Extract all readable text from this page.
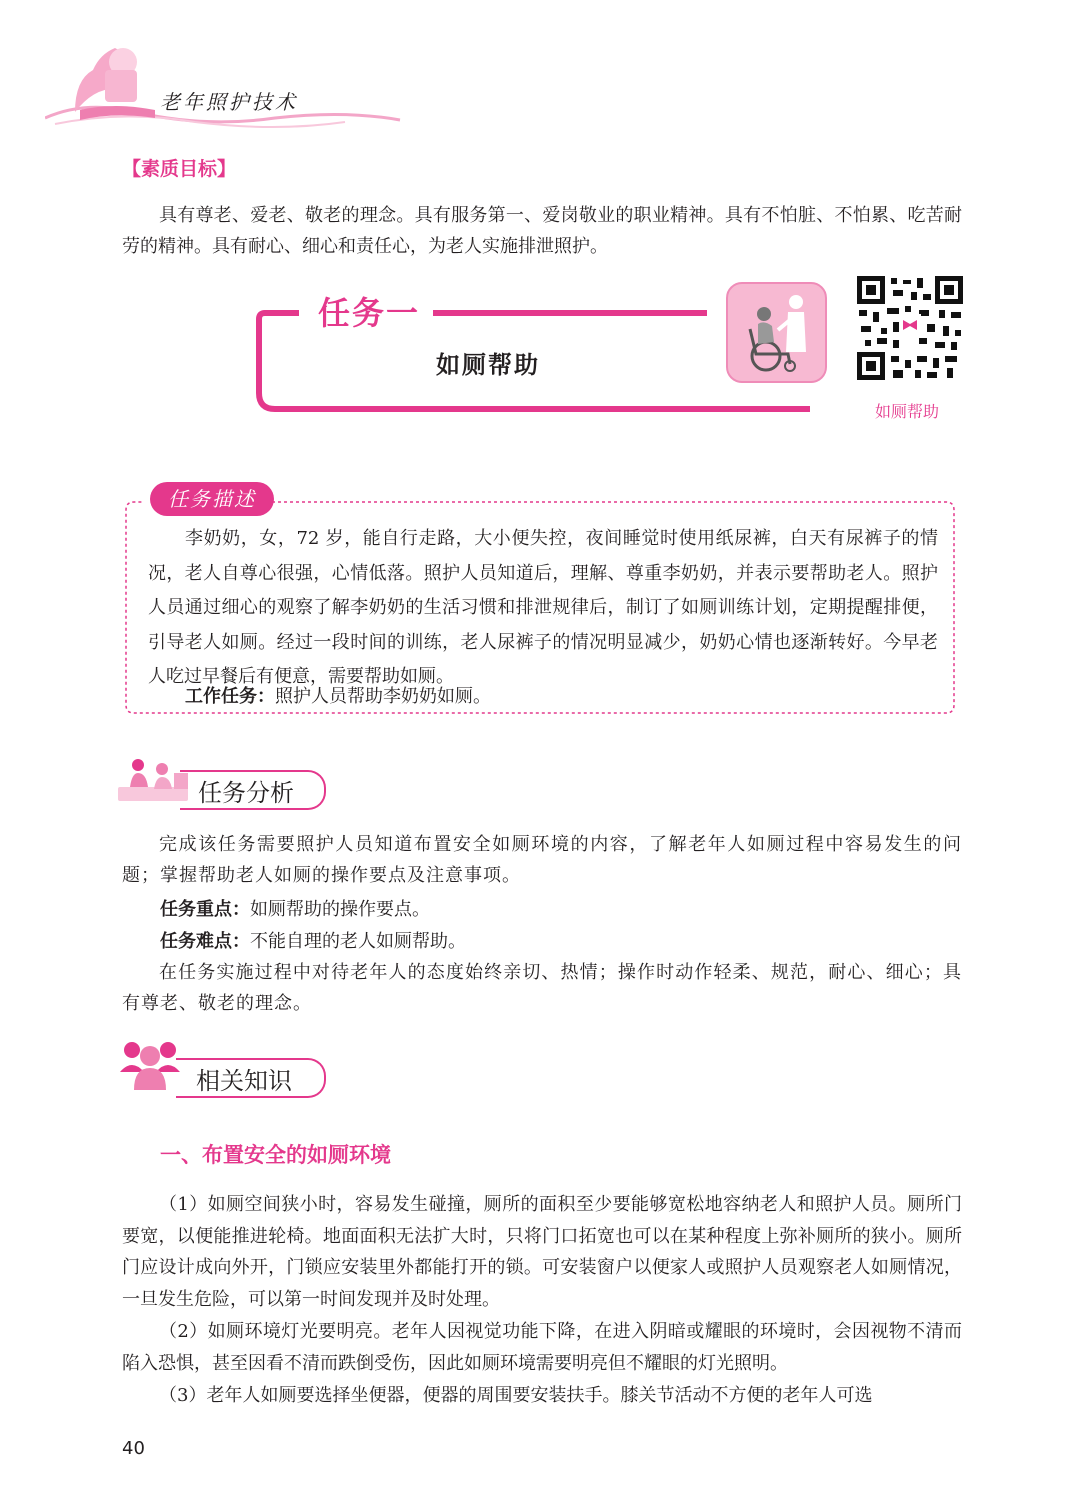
老年照护技术
【素质目标】

具有尊老、爱老、敬老的理念。具有服务第一、爱岗敬业的职业精神。具有不怕脏、不怕累、吃苦耐劳的精神。具有耐心、细心和责任心，为老人实施排泄照护。

任务一
如厕帮助
如厕帮助
任务描述

李奶奶，女，72 岁，能自行走路，大小便失控，夜间睡觉时使用纸尿裤，白天有尿裤子的情况，老人自尊心很强，心情低落。照护人员知道后，理解、尊重李奶奶，并表示要帮助老人。照护人员通过细心的观察了解李奶奶的生活习惯和排泄规律后，制订了如厕训练计划，定期提醒排便，引导老人如厕。经过一段时间的训练，老人尿裤子的情况明显减少，奶奶心情也逐渐转好。今早老人吃过早餐后有便意，需要帮助如厕。

工作任务：照护人员帮助李奶奶如厕。
任务分析

完成该任务需要照护人员知道布置安全如厕环境的内容，了解老年人如厕过程中容易发生的问题；掌握帮助老人如厕的操作要点及注意事项。

任务重点：如厕帮助的操作要点。
任务难点：不能自理的老人如厕帮助。

在任务实施过程中对待老年人的态度始终亲切、热情；操作时动作轻柔、规范，耐心、细心；具有尊老、敬老的理念。

相关知识
一、布置安全的如厕环境

（1）如厕空间狭小时，容易发生碰撞，厕所的面积至少要能够宽松地容纳老人和照护人员。厕所门要宽，以便能推进轮椅。地面面积无法扩大时，只将门口拓宽也可以在某种程度上弥补厕所的狭小。厕所门应设计成向外开，门锁应安装里外都能打开的锁。可安装窗户以便家人或照护人员观察老人如厕情况，一旦发生危险，可以第一时间发现并及时处理。

（2）如厕环境灯光要明亮。老年人因视觉功能下降，在进入阴暗或耀眼的环境时，会因视物不清而陷入恐惧，甚至因看不清而跌倒受伤，因此如厕环境需要明亮但不耀眼的灯光照明。

（3）老年人如厕要选择坐便器，便器的周围要安装扶手。膝关节活动不方便的老年人可选

40
